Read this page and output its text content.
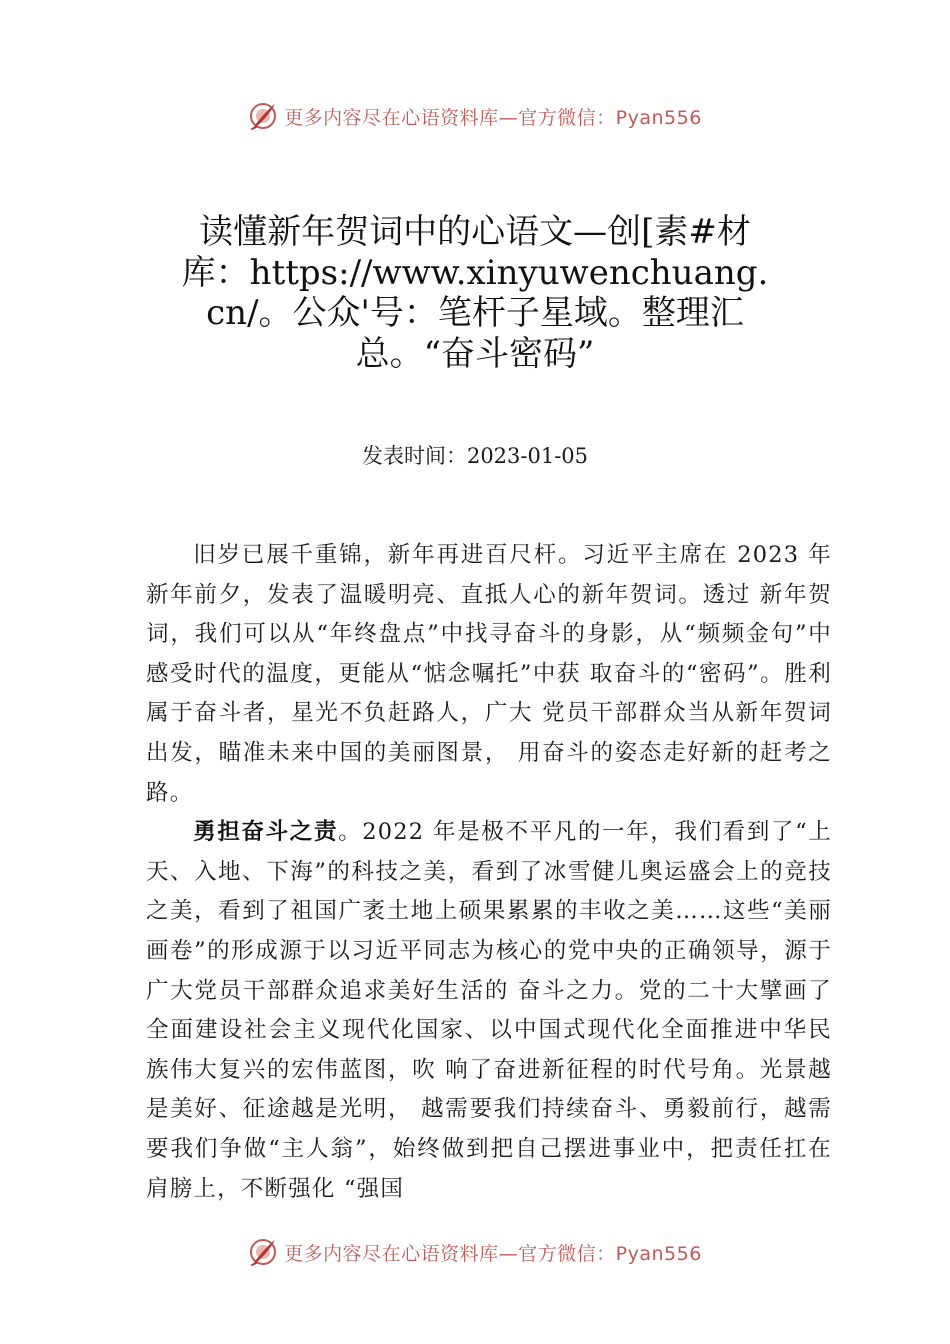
更多内容尽在心语资料库—官方微信：Pyan556
读懂新年贺词中的心语文—创[素#材库：https://www.xinyuwenchuang.cn/。公众'号：笔杆子星域。整理汇总。“奋斗密码”
发表时间：2023-01-05

旧岁已展千重锦，新年再进百尺杆。习近平主席在 2023 年新年前夕，发表了温暖明亮、直抵人心的新年贺词。透过 新年贺词，我们可以从“年终盘点”中找寻奋斗的身影，从“频频金句”中感受时代的温度，更能从“惦念嘱托”中获 取奋斗的“密码”。胜利属于奋斗者，星光不负赶路人，广大 党员干部群众当从新年贺词出发，瞄准未来中国的美丽图景， 用奋斗的姿态走好新的赶考之路。

勇担奋斗之责。2022 年是极不平凡的一年，我们看到了“上天、入地、下海”的科技之美，看到了冰雪健儿奥运盛会上的竞技之美，看到了祖国广袤土地上硕果累累的丰收之美……这些“美丽画卷”的形成源于以习近平同志为核心的党中央的正确领导，源于广大党员干部群众追求美好生活的 奋斗之力。党的二十大擘画了全面建设社会主义现代化国家、以中国式现代化全面推进中华民族伟大复兴的宏伟蓝图，吹 响了奋进新征程的时代号角。光景越是美好、征途越是光明， 越需要我们持续奋斗、勇毅前行，越需要我们争做“主人翁”，始终做到把自己摆进事业中，把责任扛在肩膀上，不断强化 “强国

更多内容尽在心语资料库—官方微信：Pyan556
